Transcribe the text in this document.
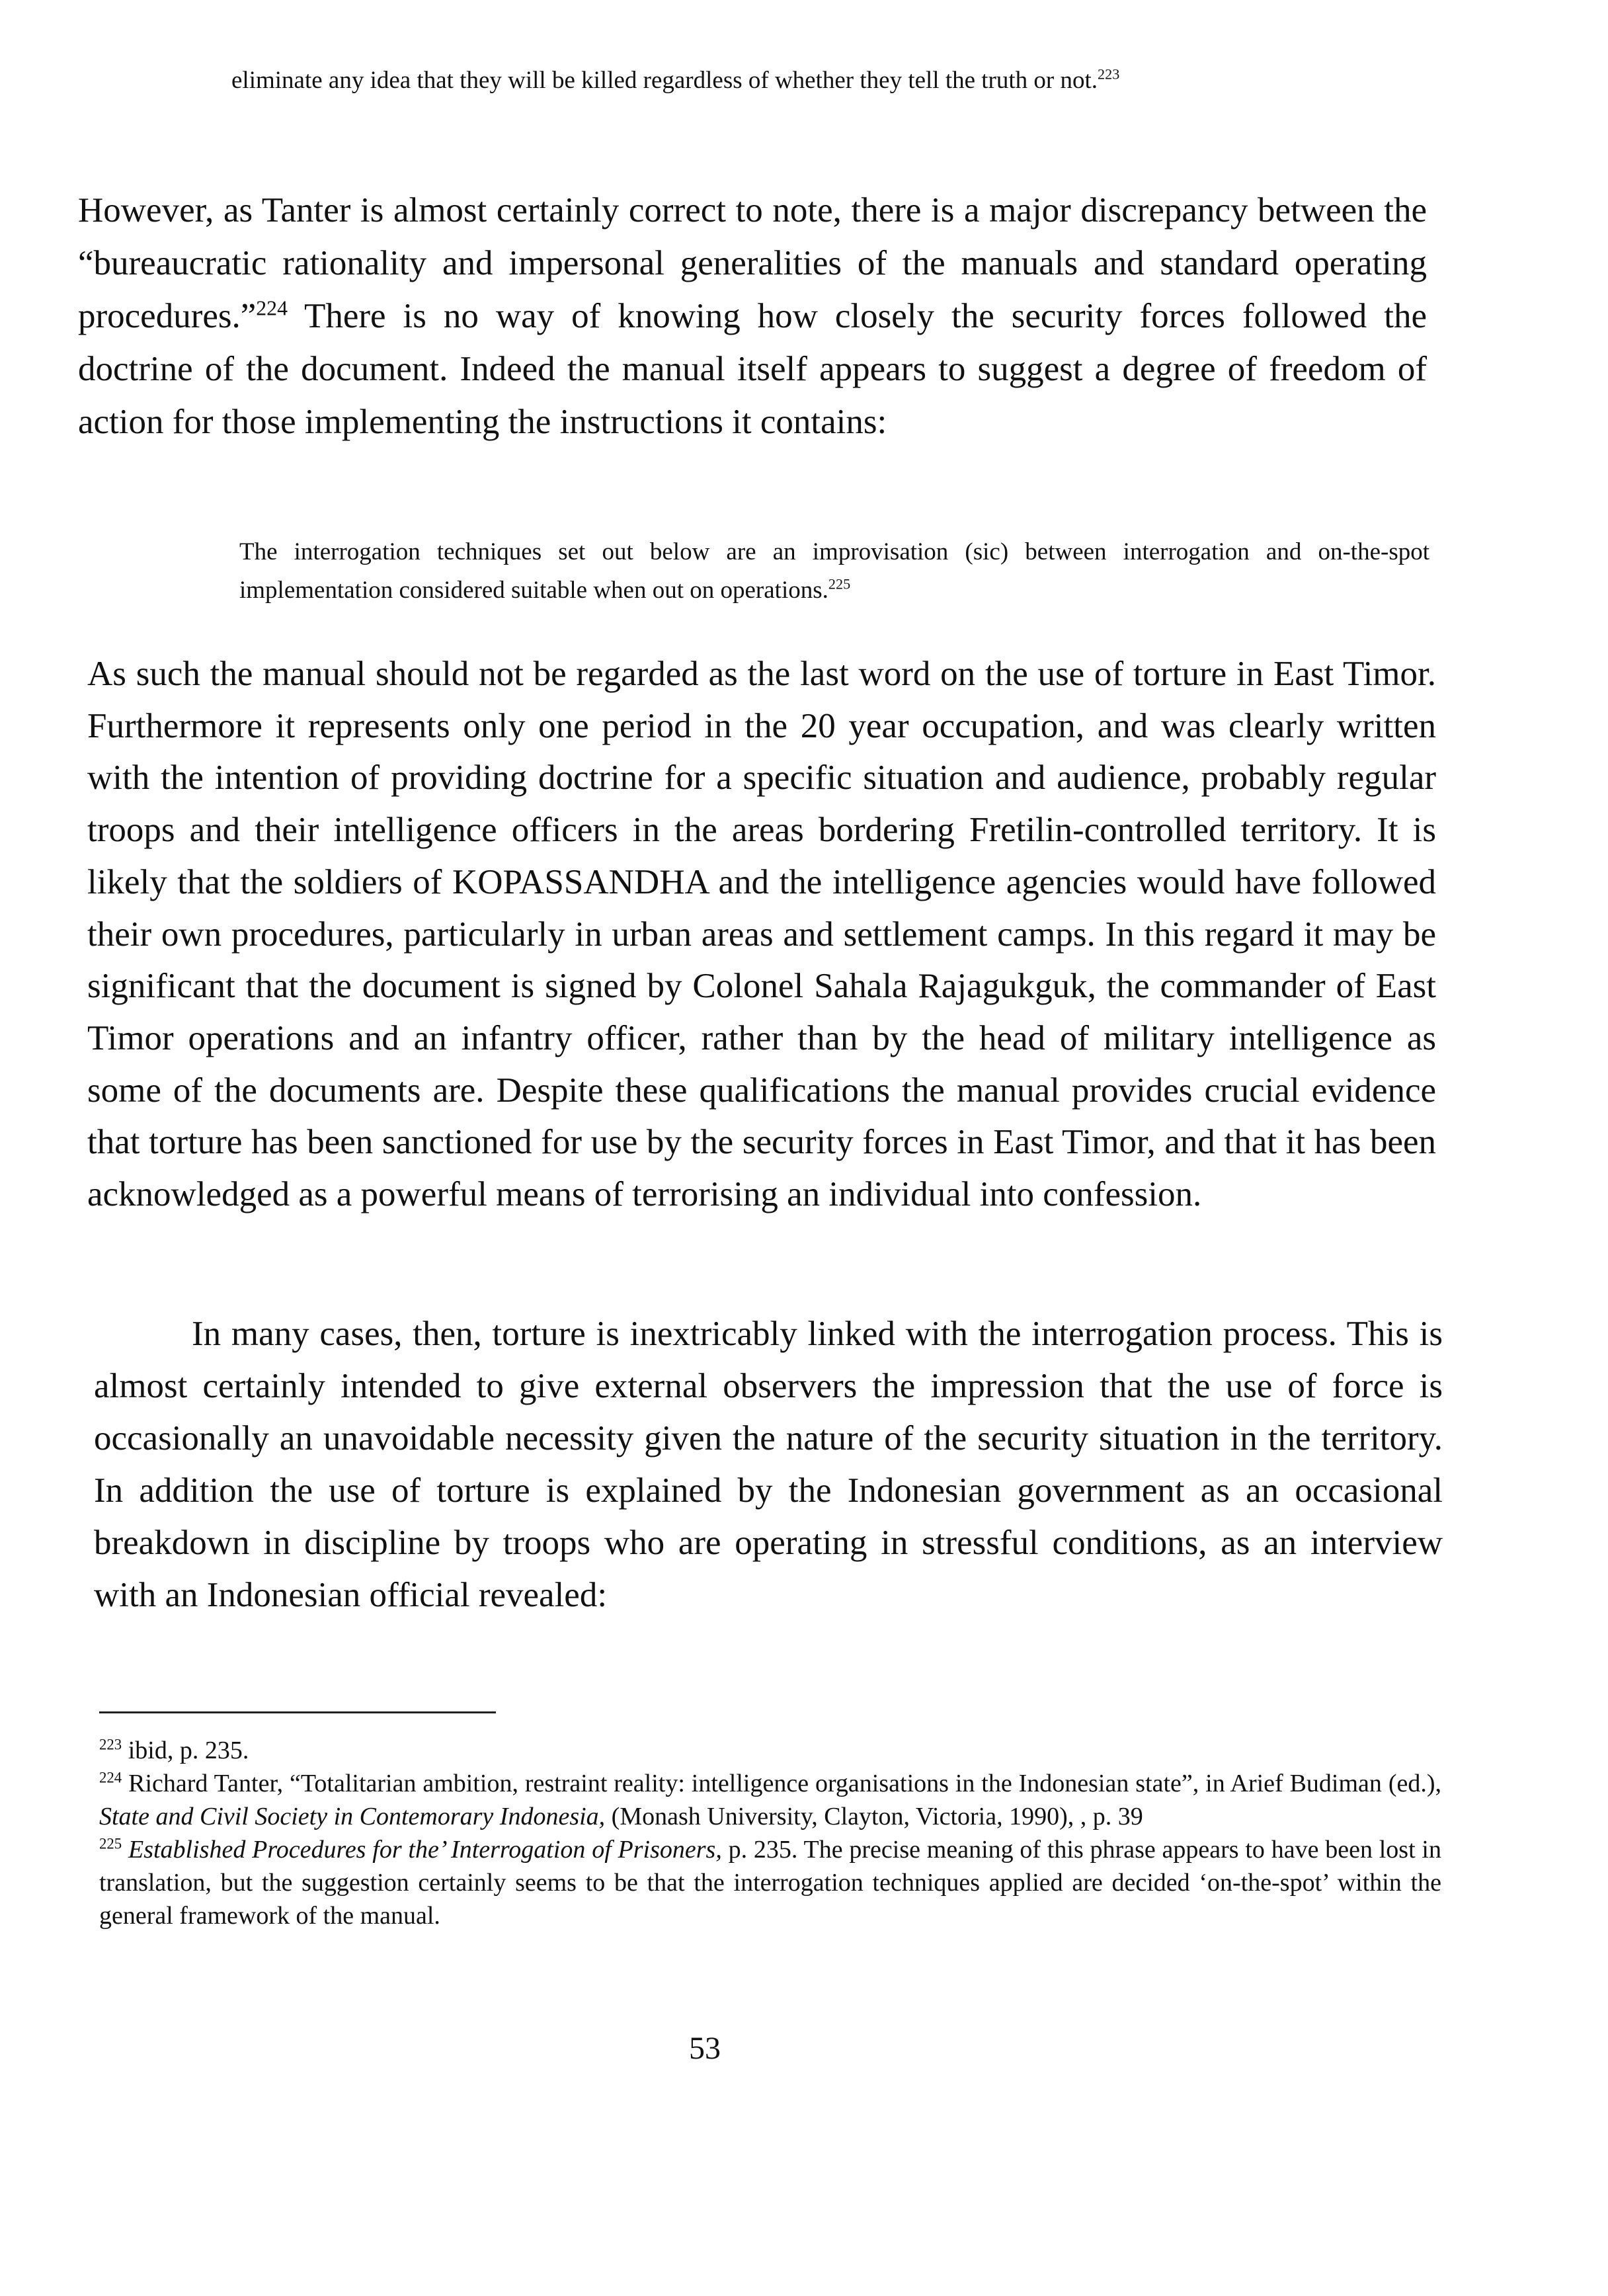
eliminate any idea that they will be killed regardless of whether they tell the truth or not.$^{223}$

However, as Tanter is almost certainly correct to note, there is a major discrepancy between the “bureaucratic rationality and impersonal generalities of the manuals and standard operating procedures.”$^{224}$ There is no way of knowing how closely the security forces followed the doctrine of the document. Indeed the manual itself appears to suggest a degree of freedom of action for those implementing the instructions it contains:

The interrogation techniques set out below are an improvisation (sic) between interrogation and on-the-spot implementation considered suitable when out on operations.$^{225}$

As such the manual should not be regarded as the last word on the use of torture in East Timor. Furthermore it represents only one period in the 20 year occupation, and was clearly written with the intention of providing doctrine for a specific situation and audience, probably regular troops and their intelligence officers in the areas bordering Fretilin-controlled territory. It is likely that the soldiers of KOPASSANDHA and the intelligence agencies would have followed their own procedures, particularly in urban areas and settlement camps. In this regard it may be significant that the document is signed by Colonel Sahala Rajagukguk, the commander of East Timor operations and an infantry officer, rather than by the head of military intelligence as some of the documents are. Despite these qualifications the manual provides crucial evidence that torture has been sanctioned for use by the security forces in East Timor, and that it has been acknowledged as a powerful means of terrorising an individual into confession.

In many cases, then, torture is inextricably linked with the interrogation process. This is almost certainly intended to give external observers the impression that the use of force is occasionally an unavoidable necessity given the nature of the security situation in the territory. In addition the use of torture is explained by the Indonesian government as an occasional breakdown in discipline by troops who are operating in stressful conditions, as an interview with an Indonesian official revealed:

$^{223}$ ibid, p. 235.

$^{224}$ Richard Tanter, “Totalitarian ambition, restraint reality: intelligence organisations in the Indonesian state”, in Arief Budiman (ed.), State and Civil Society in Contemorary Indonesia, (Monash University, Clayton, Victoria, 1990), , p. 39

$^{225}$ Established Procedures for the’ Interrogation of Prisoners, p. 235. The precise meaning of this phrase appears to have been lost in translation, but the suggestion certainly seems to be that the interrogation techniques applied are decided ‘on-the-spot’ within the general framework of the manual.

53
